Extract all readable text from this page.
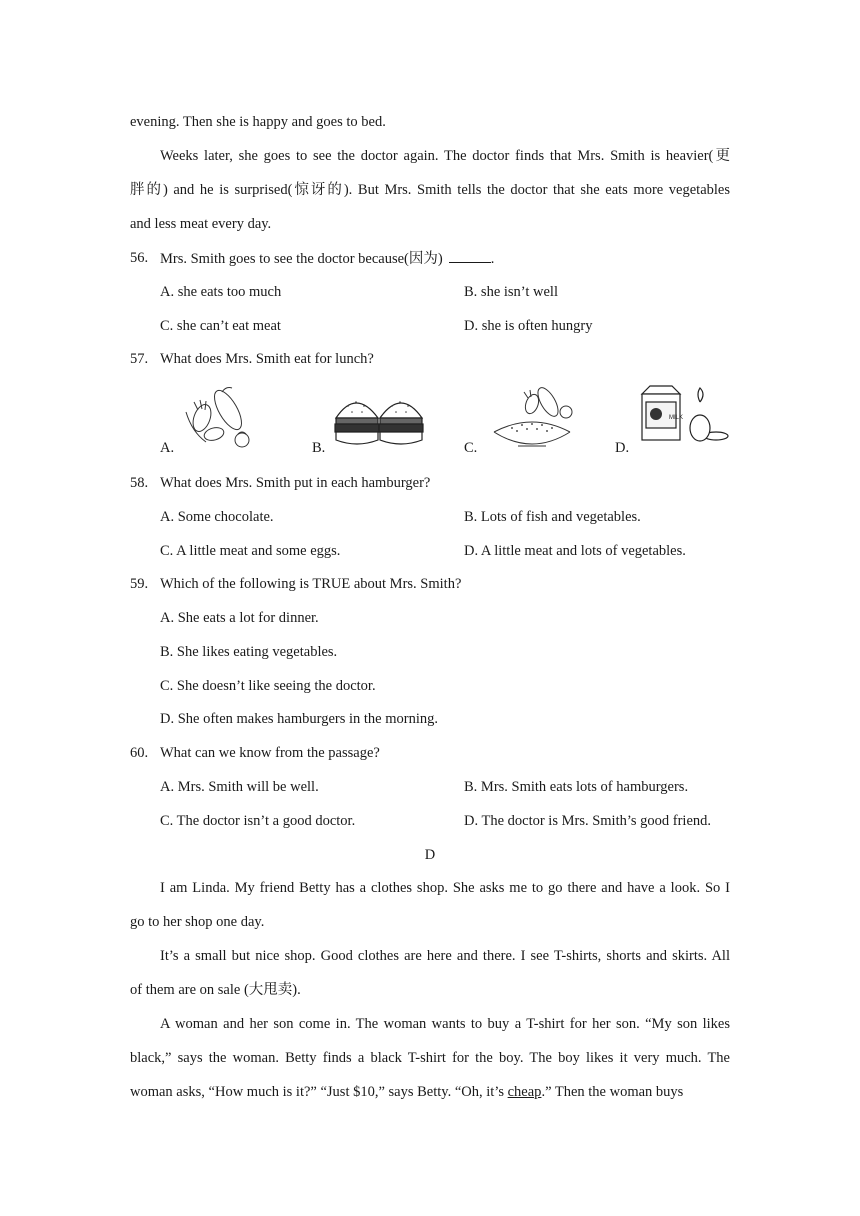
evening. Then she is happy and goes to bed.
Weeks later, she goes to see the doctor again. The doctor finds that Mrs. Smith is heavier(更
胖的) and he is surprised(惊讶的). But Mrs. Smith tells the doctor that she eats more vegetables
and less meat every day.
56. Mrs. Smith goes to see the doctor because(因为)	.
A. she eats too much	B. she isn’t well
C. she can’t eat meat	D. she is often hungry
57. What does Mrs. Smith eat for lunch?
A.	B.	C.	D.
MILK
58. What does Mrs. Smith put in each hamburger?
A. Some chocolate.	B. Lots of fish and vegetables.
C. A little meat and some eggs.	D. A little meat and lots of vegetables.
59. Which of the following is TRUE about Mrs. Smith?
A. She eats a lot for dinner.
B. She likes eating vegetables.
C. She doesn’t like seeing the doctor.
D. She often makes hamburgers in the morning.
60. What can we know from the passage?
A. Mrs. Smith will be well.	B. Mrs. Smith eats lots of hamburgers.
C. The doctor isn’t a good doctor.	D. The doctor is Mrs. Smith’s good friend.
D
I am Linda. My friend Betty has a clothes shop. She asks me to go there and have a look. So I
go to her shop one day.
It’s a small but nice shop. Good clothes are here and there. I see T-shirts, shorts and skirts. All
of them are on sale (大甩卖).
A woman and her son come in. The woman wants to buy a T-shirt for her son. “My son likes
black,” says the woman. Betty finds a black T-shirt for the boy. The boy likes it very much. The
woman asks, “How much is it?” “Just $10,” says Betty. “Oh, it’s cheap.” Then the woman buys
